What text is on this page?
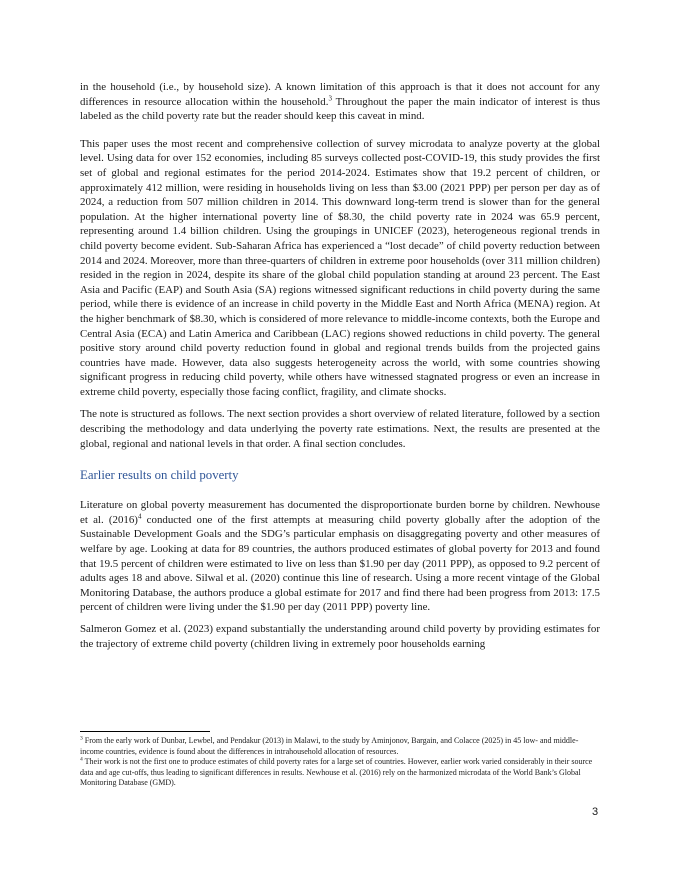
in the household (i.e., by household size). A known limitation of this approach is that it does not account for any differences in resource allocation within the household.$^3$ Throughout the paper the main indicator of interest is thus labeled as the child poverty rate but the reader should keep this caveat in mind.

This paper uses the most recent and comprehensive collection of survey microdata to analyze poverty at the global level. Using data for over 152 economies, including 85 surveys collected post-COVID-19, this study provides the first set of global and regional estimates for the period 2014-2024. Estimates show that 19.2 percent of children, or approximately 412 million, were residing in households living on less than $3.00 (2021 PPP) per person per day as of 2024, a reduction from 507 million children in 2014. This downward long-term trend is slower than for the general population. At the higher international poverty line of $8.30, the child poverty rate in 2024 was 65.9 percent, representing around 1.4 billion children. Using the groupings in UNICEF (2023), heterogeneous regional trends in child poverty become evident. Sub-Saharan Africa has experienced a “lost decade” of child poverty reduction between 2014 and 2024. Moreover, more than three-quarters of children in extreme poor households (over 311 million children) resided in the region in 2024, despite its share of the global child population standing at around 23 percent. The East Asia and Pacific (EAP) and South Asia (SA) regions witnessed significant reductions in child poverty during the same period, while there is evidence of an increase in child poverty in the Middle East and North Africa (MENA) region. At the higher benchmark of $8.30, which is considered of more relevance to middle-income contexts, both the Europe and Central Asia (ECA) and Latin America and Caribbean (LAC) regions showed reductions in child poverty. The general positive story around child poverty reduction found in global and regional trends builds from the projected gains countries have made. However, data also suggests heterogeneity across the world, with some countries showing significant progress in reducing child poverty, while others have witnessed stagnated progress or even an increase in extreme child poverty, especially those facing conflict, fragility, and climate shocks.

The note is structured as follows. The next section provides a short overview of related literature, followed by a section describing the methodology and data underlying the poverty rate estimations. Next, the results are presented at the global, regional and national levels in that order. A final section concludes.

Earlier results on child poverty

Literature on global poverty measurement has documented the disproportionate burden borne by children. Newhouse et al. (2016)$^4$ conducted one of the first attempts at measuring child poverty globally after the adoption of the Sustainable Development Goals and the SDG’s particular emphasis on disaggregating poverty and other measures of welfare by age. Looking at data for 89 countries, the authors produced estimates of global poverty for 2013 and found that 19.5 percent of children were estimated to live on less than $1.90 per day (2011 PPP), as opposed to 9.2 percent of adults ages 18 and above. Silwal et al. (2020) continue this line of research. Using a more recent vintage of the Global Monitoring Database, the authors produce a global estimate for 2017 and find there had been progress from 2013: 17.5 percent of children were living under the $1.90 per day (2011 PPP) poverty line.

Salmeron Gomez et al. (2023) expand substantially the understanding around child poverty by providing estimates for the trajectory of extreme child poverty (children living in extremely poor households earning

$^3$ From the early work of Dunbar, Lewbel, and Pendakur (2013) in Malawi, to the study by Aminjonov, Bargain, and Colacce (2025) in 45 low- and middle-income countries, evidence is found about the differences in intrahousehold allocation of resources.

$^4$ Their work is not the first one to produce estimates of child poverty rates for a large set of countries. However, earlier work varied considerably in their source data and age cut-offs, thus leading to significant differences in results. Newhouse et al. (2016) rely on the harmonized microdata of the World Bank’s Global Monitoring Database (GMD).

3
